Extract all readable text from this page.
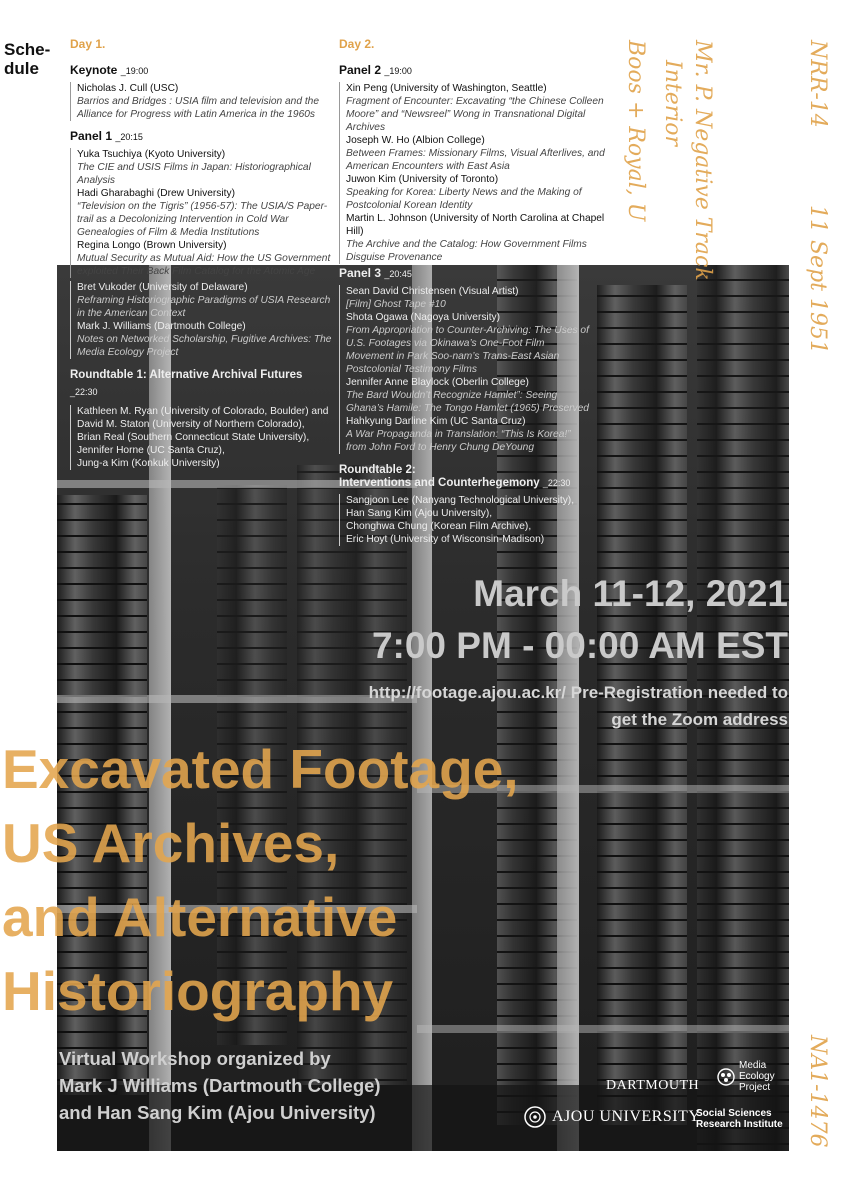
Mr. P. Negative Track
Interior
Boos + Royal, U	NRR-14
11 Sept 1951
NA1-1476
Sche-
dule
Day 1.
Keynote _19:00
Nicholas J. Cull (USC)
Barrios and Bridges : USIA film and television and the Alliance for Progress with Latin America in the 1960s
Panel 1 _20:15
Yuka Tsuchiya (Kyoto University)
The CIE and USIS Films in Japan: Historiographical Analysis
Hadi Gharabaghi (Drew University)
“Television on the Tigris” (1956-57): The USIA/S Paper-trail as a Decolonizing Intervention in Cold War Genealogies of Film & Media Institutions
Regina Longo (Brown University)
Mutual Security as Mutual Aid: How the US Government exploited Their Back Film Catalog for the Atomic Age
Bret Vukoder (University of Delaware)
Reframing Historiographic Paradigms of USIA Research in the American Context
Mark J. Williams (Dartmouth College)
Notes on Networked Scholarship, Fugitive Archives: The Media Ecology Project
Roundtable 1: Alternative Archival Futures
_22:30
Kathleen M. Ryan (University of Colorado, Boulder) and
David M. Staton (University of Northern Colorado),
Brian Real (Southern Connecticut State University),
Jennifer Horne (UC Santa Cruz),
Jung-a Kim (Konkuk University)
Day 2.
Panel 2 _19:00
Xin Peng (University of Washington, Seattle)
Fragment of Encounter: Excavating “the Chinese Colleen Moore” and “Newsreel” Wong in Transnational Digital Archives
Joseph W. Ho (Albion College)
Between Frames: Missionary Films, Visual Afterlives, and American Encounters with East Asia
Juwon Kim (University of Toronto)
Speaking for Korea: Liberty News and the Making of Postcolonial Korean Identity
Martin L. Johnson (University of North Carolina at Chapel Hill)
The Archive and the Catalog: How Government Films Disguise Provenance
Panel 3 _20:45
Sean David Christensen (Visual Artist)
[Film] Ghost Tape #10
Shota Ogawa (Nagoya University)
From Appropriation to Counter-Archiving: The Uses of U.S. Footages via Okinawa’s One-Foot Film Movement in Park Soo-nam’s Trans-East Asian Postcolonial Testimony Films
Jennifer Anne Blaylock (Oberlin College)
The Bard Wouldn’t Recognize Hamlet”: Seeing Ghana’s Hamile: The Tongo Hamlet (1965) Preserved
Hahkyung Darline Kim (UC Santa Cruz)
A War Propaganda in Translation: “This Is Korea!” from John Ford to Henry Chung DeYoung
Roundtable 2:
Interventions and Counterhegemony _22:30
Sangjoon Lee (Nanyang Technological University),
Han Sang Kim (Ajou University),
Chonghwa Chung (Korean Film Archive),
Eric Hoyt (University of Wisconsin-Madison)
March 11-12, 2021
7:00 PM - 00:00 AM EST
http://footage.ajou.ac.kr/ Pre-Registration needed to
get the Zoom address
Excavated Footage,
US Archives,
and Alternative
Historiography
Virtual Workshop organized by
Mark J Williams (Dartmouth College)
and Han Sang Kim (Ajou University)
DARTMOUTH
Media
Ecology
Project
AJOU UNIVERSITY
Social Sciences
Research Institute
